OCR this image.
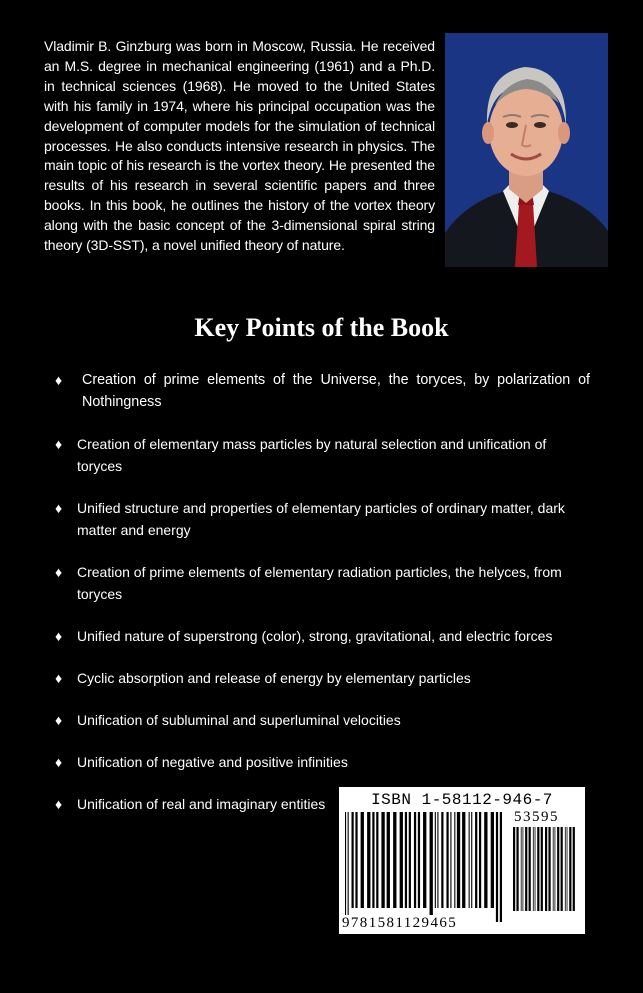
Vladimir B. Ginzburg was born in Moscow, Russia. He received an M.S. degree in mechanical engineering (1961) and a Ph.D. in technical sciences (1968). He moved to the United States with his family in 1974, where his principal occupation was the development of computer models for the simulation of technical processes. He also conducts intensive research in physics. The main topic of his research is the vortex theory. He presented the results of his research in several scientific papers and three books. In this book, he outlines the history of the vortex theory along with the basic concept of the 3-dimensional spiral string theory (3D-SST), a novel unified theory of nature.
Key Points of the Book
♦ Creation of prime elements of the Universe, the toryces, by polarization of Nothingness
♦ Creation of elementary mass particles by natural selection and unification of toryces
♦ Unified structure and properties of elementary particles of ordinary matter, dark matter and energy
♦ Creation of prime elements of elementary radiation particles, the helyces, from toryces
♦ Unified nature of superstrong (color), strong, gravitational, and electric forces
♦ Cyclic absorption and release of energy by elementary particles
♦ Unification of subluminal and superluminal velocities
♦ Unification of negative and positive infinities
♦ Unification of real and imaginary entities	ISBN 1-58112-946-7
53595
9781581129465
